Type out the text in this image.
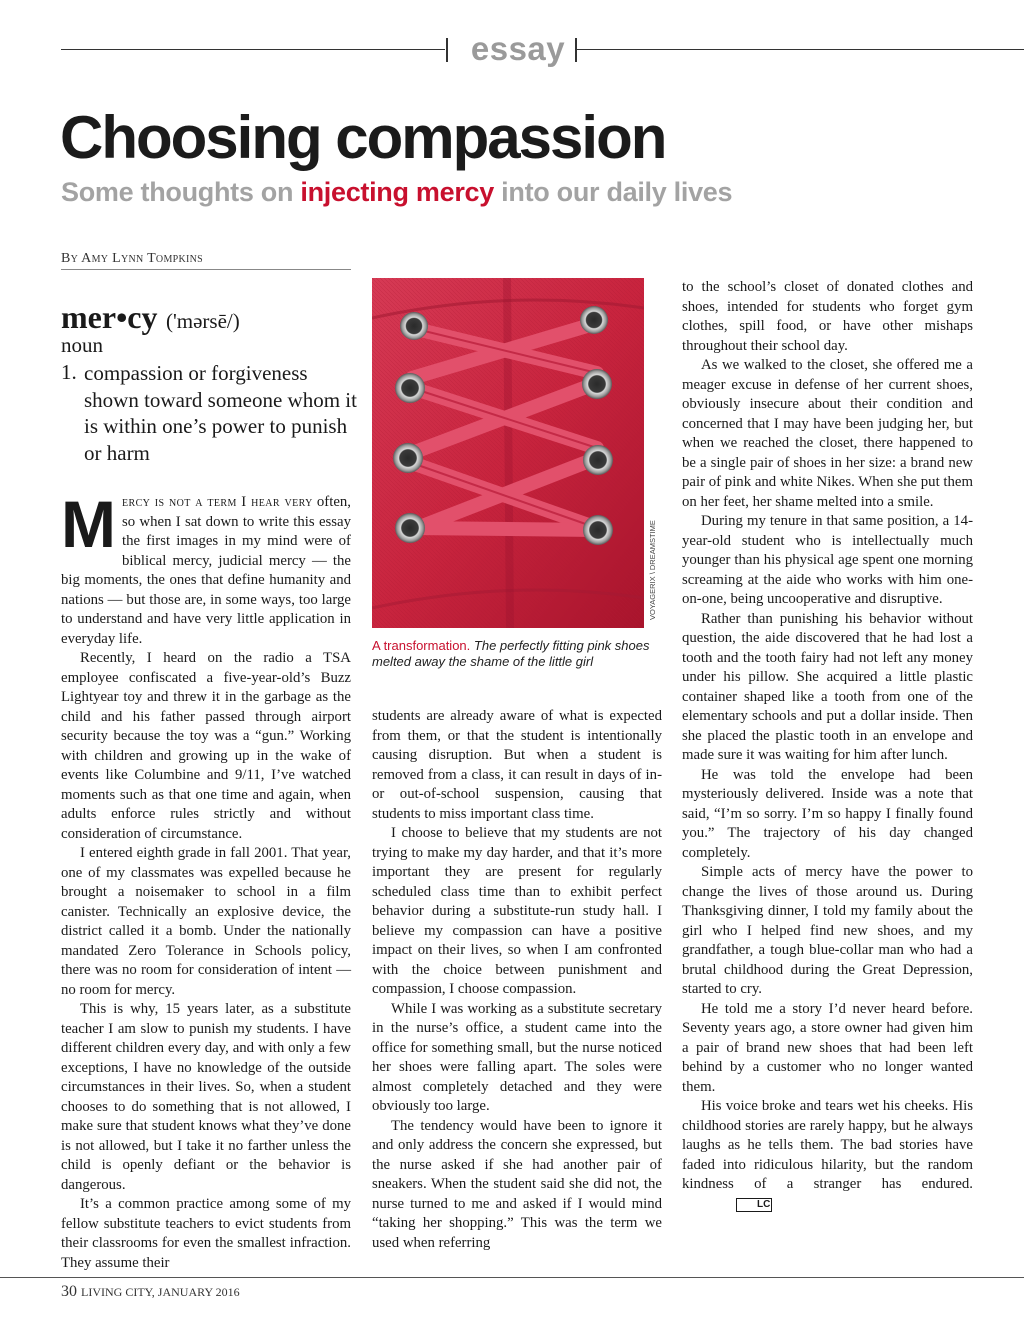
essay
Choosing compassion
Some thoughts on injecting mercy into our daily lives
By Amy Lynn Tompkins
mer•cy ('mərsē/)
noun
1. compassion or forgiveness shown toward someone whom it is within one’s power to punish or harm

Mercy is not a term I hear very often, so when I sat down to write this essay the first images in my mind were of biblical mercy, judicial mercy — the big moments, the ones that define humanity and nations — but those are, in some ways, too large to understand and have very little application in everyday life.

Recently, I heard on the radio a TSA employee confiscated a five-year-old’s Buzz Lightyear toy and threw it in the garbage as the child and his father passed through airport security because the toy was a “gun.” Working with children and growing up in the wake of events like Columbine and 9/11, I’ve watched moments such as that one time and again, when adults enforce rules strictly and without consideration of circumstance.

I entered eighth grade in fall 2001. That year, one of my classmates was expelled because he brought a noisemaker to school in a film canister. Technically an explosive device, the district called it a bomb. Under the nationally mandated Zero Tolerance in Schools policy, there was no room for consideration of intent — no room for mercy.

This is why, 15 years later, as a substitute teacher I am slow to punish my students. I have different children every day, and with only a few exceptions, I have no knowledge of the outside circumstances in their lives. So, when a student chooses to do something that is not allowed, I make sure that student knows what they’ve done is not allowed, but I take it no farther unless the child is openly defiant or the behavior is dangerous.

It’s a common practice among some of my fellow substitute teachers to evict students from their classrooms for even the smallest infraction. They assume their

VOYAGERIX \ DREAMSTIME
A transformation. The perfectly fitting pink shoes melted away the shame of the little girl

students are already aware of what is expected from them, or that the student is intentionally causing disruption. But when a student is removed from a class, it can result in days of in- or out-of-school suspension, causing that students to miss important class time.

I choose to believe that my students are not trying to make my day harder, and that it’s more important they are present for regularly scheduled class time than to exhibit perfect behavior during a substitute-run study hall. I believe my compassion can have a positive impact on their lives, so when I am confronted with the choice between punishment and compassion, I choose compassion.

While I was working as a substitute secretary in the nurse’s office, a student came into the office for something small, but the nurse noticed her shoes were falling apart. The soles were almost completely detached and they were obviously too large.

The tendency would have been to ignore it and only address the concern she expressed, but the nurse asked if she had another pair of sneakers. When the student said she did not, the nurse turned to me and asked if I would mind “taking her shopping.” This was the term we used when referring

to the school’s closet of donated clothes and shoes, intended for students who forget gym clothes, spill food, or have other mishaps throughout their school day.

As we walked to the closet, she offered me a meager excuse in defense of her current shoes, obviously insecure about their condition and concerned that I may have been judging her, but when we reached the closet, there happened to be a single pair of shoes in her size: a brand new pair of pink and white Nikes. When she put them on her feet, her shame melted into a smile.

During my tenure in that same position, a 14-year-old student who is intellectually much younger than his physical age spent one morning screaming at the aide who works with him one-on-one, being uncooperative and disruptive.

Rather than punishing his behavior without question, the aide discovered that he had lost a tooth and the tooth fairy had not left any money under his pillow. She acquired a little plastic container shaped like a tooth from one of the elementary schools and put a dollar inside. Then she placed the plastic tooth in an envelope and made sure it was waiting for him after lunch.

He was told the envelope had been mysteriously delivered. Inside was a note that said, “I’m so sorry. I’m so happy I finally found you.” The trajectory of his day changed completely.

Simple acts of mercy have the power to change the lives of those around us. During Thanksgiving dinner, I told my family about the girl who I helped find new shoes, and my grandfather, a tough blue-collar man who had a brutal childhood during the Great Depression, started to cry.

He told me a story I’d never heard before. Seventy years ago, a store owner had given him a pair of brand new shoes that had been left behind by a customer who no longer wanted them.

His voice broke and tears wet his cheeks. His childhood stories are rarely happy, but he always laughs as he tells them. The bad stories have faded into ridiculous hilarity, but the random kindness of a stranger has endured.LC

30 LIVING CITY, JANUARY 2016
